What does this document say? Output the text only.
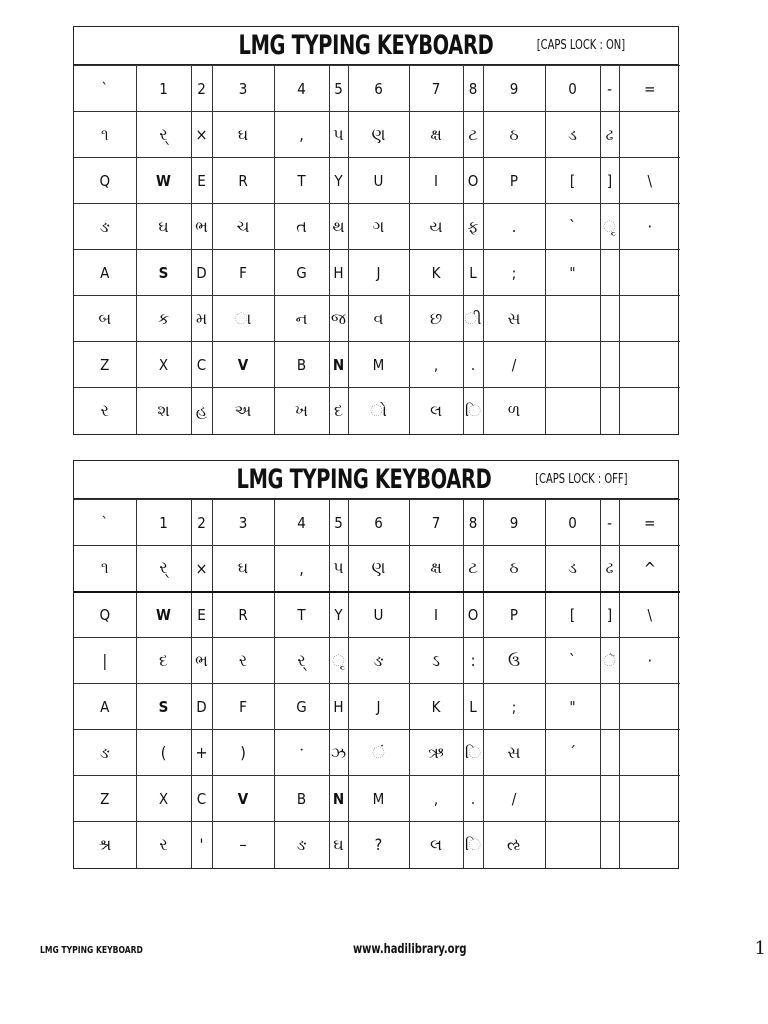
LMG TYPING KEYBOARD	[CAPS LOCK : ON]
`	1	2	3	4	5	6	7	8	9	0	-	=
૧	ર્	×	ઘ	,	પ	ણ	ક્ષ	ટ	ઠ	ડ	ઢ	
Q	W	E	R	T	Y	U	I	O	P	[	]	\
ઙ	ઘ	ભ	ચ	ત	થ	ગ	ય	ફ	.	`	ૃ	·
A	S	D	F	G	H	J	K	L	;	"		
બ	ક	મ	ા	ન	જ	વ	છ	ી	સ			
Z	X	C	V	B	N	M	,	.	/			
ર	શ	હ	અ	ખ	દ	ો	લ	િ	ળ			
LMG TYPING KEYBOARD	[CAPS LOCK : OFF]
`	1	2	3	4	5	6	7	8	9	0	-	=
૧	ર્	×	ઘ	,	પ	ણ	ક્ષ	ટ	ઠ	ડ	ઢ	^
Q	W	E	R	T	Y	U	I	O	P	[	]	\
|	દ	ભ	ર	ર્	ૃ	ઙ	ઽ	:	ઉ	`	ૅ	·
A	S	D	F	G	H	J	K	L	;	"		
ઙ	(	+	)	ॱ	ઝ	ં	ઋ	િ	સ	ˊ		
Z	X	C	V	B	N	M	,	.	/			
શ્ર	ર	'	–	ઙ	ઘ	?	લ	િ	ઌ			
LMG TYPING KEYBOARD	www.hadilibrary.org	1
